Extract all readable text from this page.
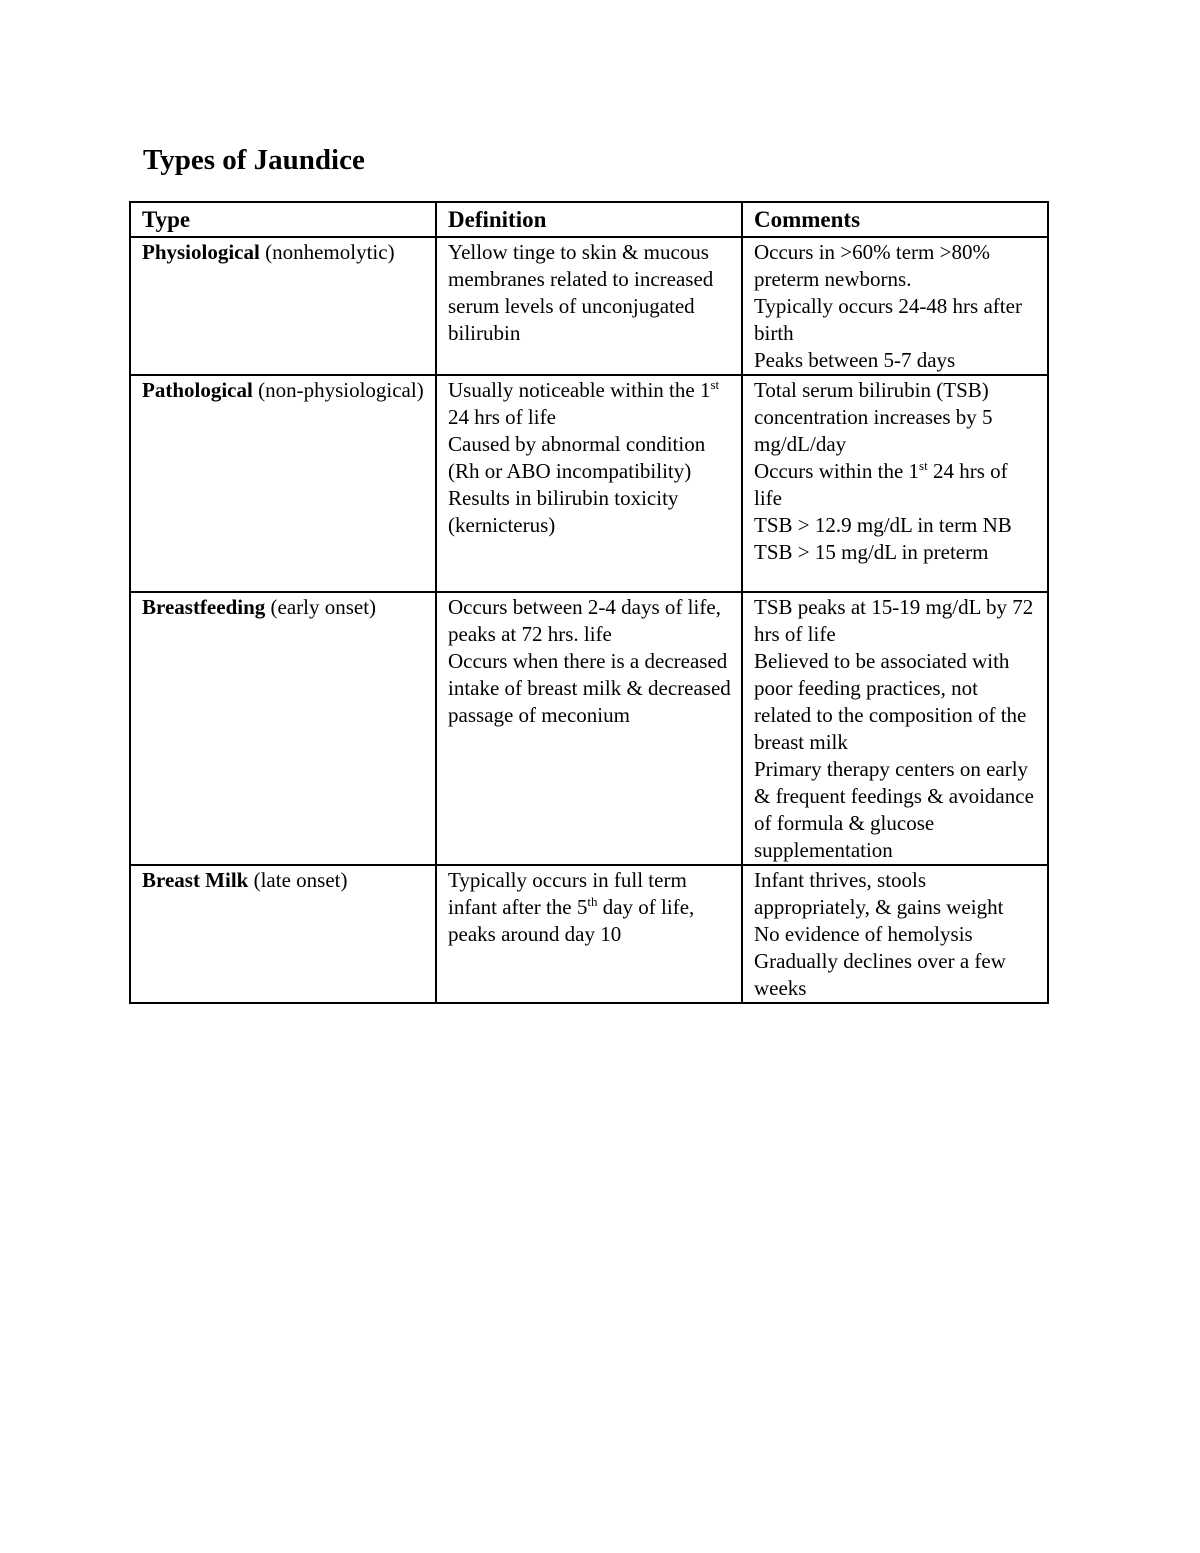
Types of Jaundice
Type	Definition	Comments
Physiological (nonhemolytic)	Yellow tinge to skin & mucous membranes related to increased serum levels of unconjugated bilirubin	Occurs in >60% term >80% preterm newborns.
Typically occurs 24-48 hrs after birth
Peaks between 5-7 days

Pathological (non-physiological)	Usually noticeable within the 1st 24 hrs of life
Caused by abnormal condition (Rh or ABO incompatibility)
Results in bilirubin toxicity (kernicterus)	Total serum bilirubin (TSB) concentration increases by 5 mg/dL/day
Occurs within the 1st 24 hrs of life
TSB > 12.9 mg/dL in term NB
TSB > 15 mg/dL in preterm

Breastfeeding (early onset)	Occurs between 2-4 days of life, peaks at 72 hrs. life
Occurs when there is a decreased intake of breast milk & decreased passage of meconium	TSB peaks at 15-19 mg/dL by 72 hrs of life
Believed to be associated with poor feeding practices, not related to the composition of the breast milk
Primary therapy centers on early & frequent feedings & avoidance of formula & glucose supplementation

Breast Milk (late onset)	Typically occurs in full term infant after the 5th day of life, peaks around day 10	Infant thrives, stools appropriately, & gains weight
No evidence of hemolysis
Gradually declines over a few weeks
